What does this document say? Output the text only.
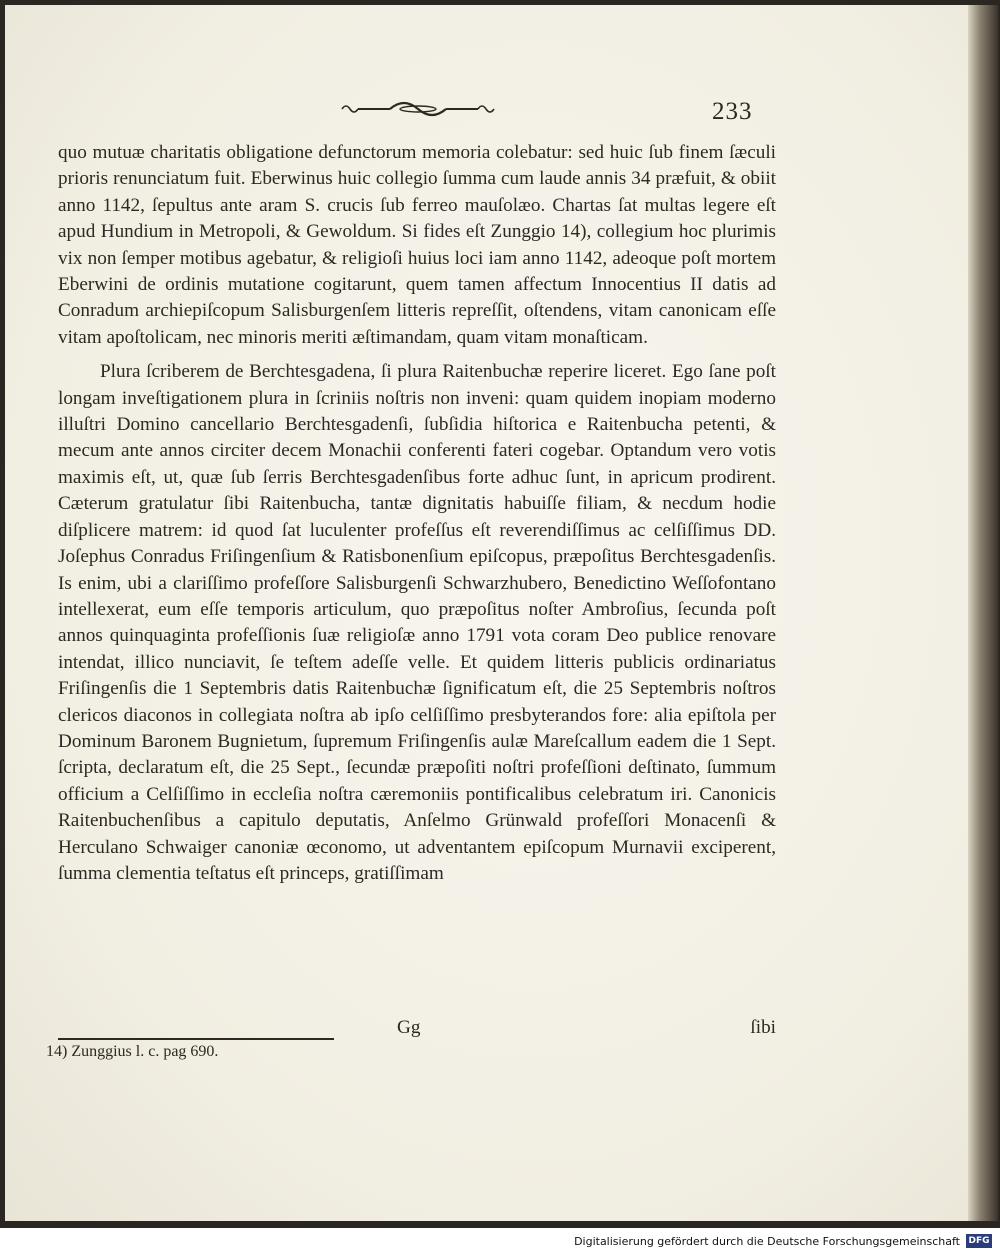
233

quo mutuæ charitatis obligatione defunctorum memoria colebatur: sed huic ſub finem ſæculi prioris renunciatum fuit. Eberwinus huic collegio ſumma cum laude annis 34 præfuit, & obiit anno 1142, ſepultus ante aram S. crucis ſub ferreo mauſolæo. Chartas ſat multas legere eſt apud Hundium in Metropoli, & Gewoldum. Si fides eſt Zunggio 14), collegium hoc plurimis vix non ſemper motibus agebatur, & religioſi huius loci iam anno 1142, adeoque poſt mortem Eberwini de ordinis mutatione cogitarunt, quem tamen affectum Innocentius II datis ad Conradum archiepiſcopum Salisburgenſem litteris repreſſit, oſtendens, vitam canonicam eſſe vitam apoſtolicam, nec minoris meriti æſtimandam, quam vitam monaſticam.

Plura ſcriberem de Berchtesgadena, ſi plura Raitenbuchæ reperire liceret. Ego ſane poſt longam inveſtigationem plura in ſcriniis noſtris non inveni: quam quidem inopiam moderno illuſtri Domino cancellario Berchtesgadenſi, ſubſidia hiſtorica e Raitenbucha petenti, & mecum ante annos circiter decem Monachii conferenti fateri cogebar. Optandum vero votis maximis eſt, ut, quæ ſub ſerris Berchtesgadenſibus forte adhuc ſunt, in apricum prodirent. Cæterum gratulatur ſibi Raitenbucha, tantæ dignitatis habuiſſe filiam, & necdum hodie diſplicere matrem: id quod ſat luculenter profeſſus eſt reverendiſſimus ac celſiſſimus DD. Joſephus Conradus Friſingenſium & Ratisbonenſium epiſcopus, præpoſitus Berchtesgadenſis. Is enim, ubi a clariſſimo profeſſore Salisburgenſi Schwarzhubero, Benedictino Weſſofontano intellexerat, eum eſſe temporis articulum, quo præpoſitus noſter Ambroſius, ſecunda poſt annos quinquaginta profeſſionis ſuæ religioſæ anno 1791 vota coram Deo publice renovare intendat, illico nunciavit, ſe teſtem adeſſe velle. Et quidem litteris publicis ordinariatus Friſingenſis die 1 Septembris datis Raitenbuchæ ſignificatum eſt, die 25 Septembris noſtros clericos diaconos in collegiata noſtra ab ipſo celſiſſimo presbyterandos fore: alia epiſtola per Dominum Baronem Bugnietum, ſupremum Friſingenſis aulæ Mareſcallum eadem die 1 Sept. ſcripta, declaratum eſt, die 25 Sept., ſecundæ præpoſiti noſtri profeſſioni deſtinato, ſummum officium a Celſiſſimo in eccleſia noſtra cæremoniis pontificalibus celebratum iri. Canonicis Raitenbuchenſibus a capitulo deputatis, Anſelmo Grünwald profeſſori Monacenſi & Herculano Schwaiger canoniæ œconomo, ut adventantem epiſcopum Murnavii exciperent, ſumma clementia teſtatus eſt princeps, gratiſſimam

Gg	ſibi
14) Zunggius l. c. pag 690.
Digitalisierung gefördert durch die Deutsche Forschungsgemeinschaft DFG
